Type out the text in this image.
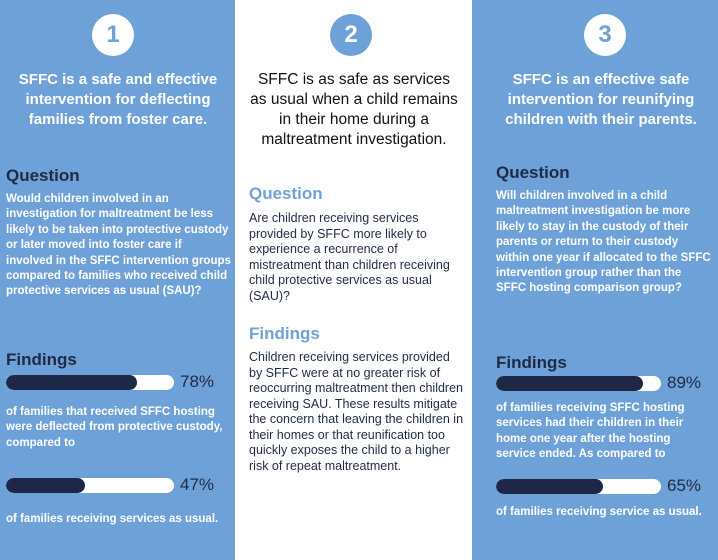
1
SFFC is a safe and effective intervention for deflecting families from foster care.
Question
Would children involved in an investigation for maltreatment be less likely to be taken into protective custody or later moved into foster care if involved in the SFFC intervention groups compared to families who received child protective services as usual (SAU)?
Findings
78%
of families that received SFFC hosting were deflected from protective custody, compared to
47%
of families receiving services as usual.
2
SFFC is as safe as services as usual when a child remains in their home during a maltreatment investigation.
Question
Are children receiving services provided by SFFC more likely to experience a recurrence of mistreatment than children receiving child protective services as usual (SAU)?
Findings
Children receiving services provided by SFFC were at no greater risk of reoccurring maltreatment then children receiving SAU. These results mitigate the concern that leaving the children in their homes or that reunification too quickly exposes the child to a higher risk of repeat maltreatment.
3
SFFC is an effective safe intervention for reunifying children with their parents.
Question
Will children involved in a child maltreatment investigation be more likely to stay in the custody of their parents or return to their custody within one year if allocated to the SFFC intervention group rather than the SFFC hosting comparison group?
Findings
89%
of families receiving SFFC hosting services had their children in their home one year after the hosting service ended. As compared to
65%
of families receiving service as usual.
